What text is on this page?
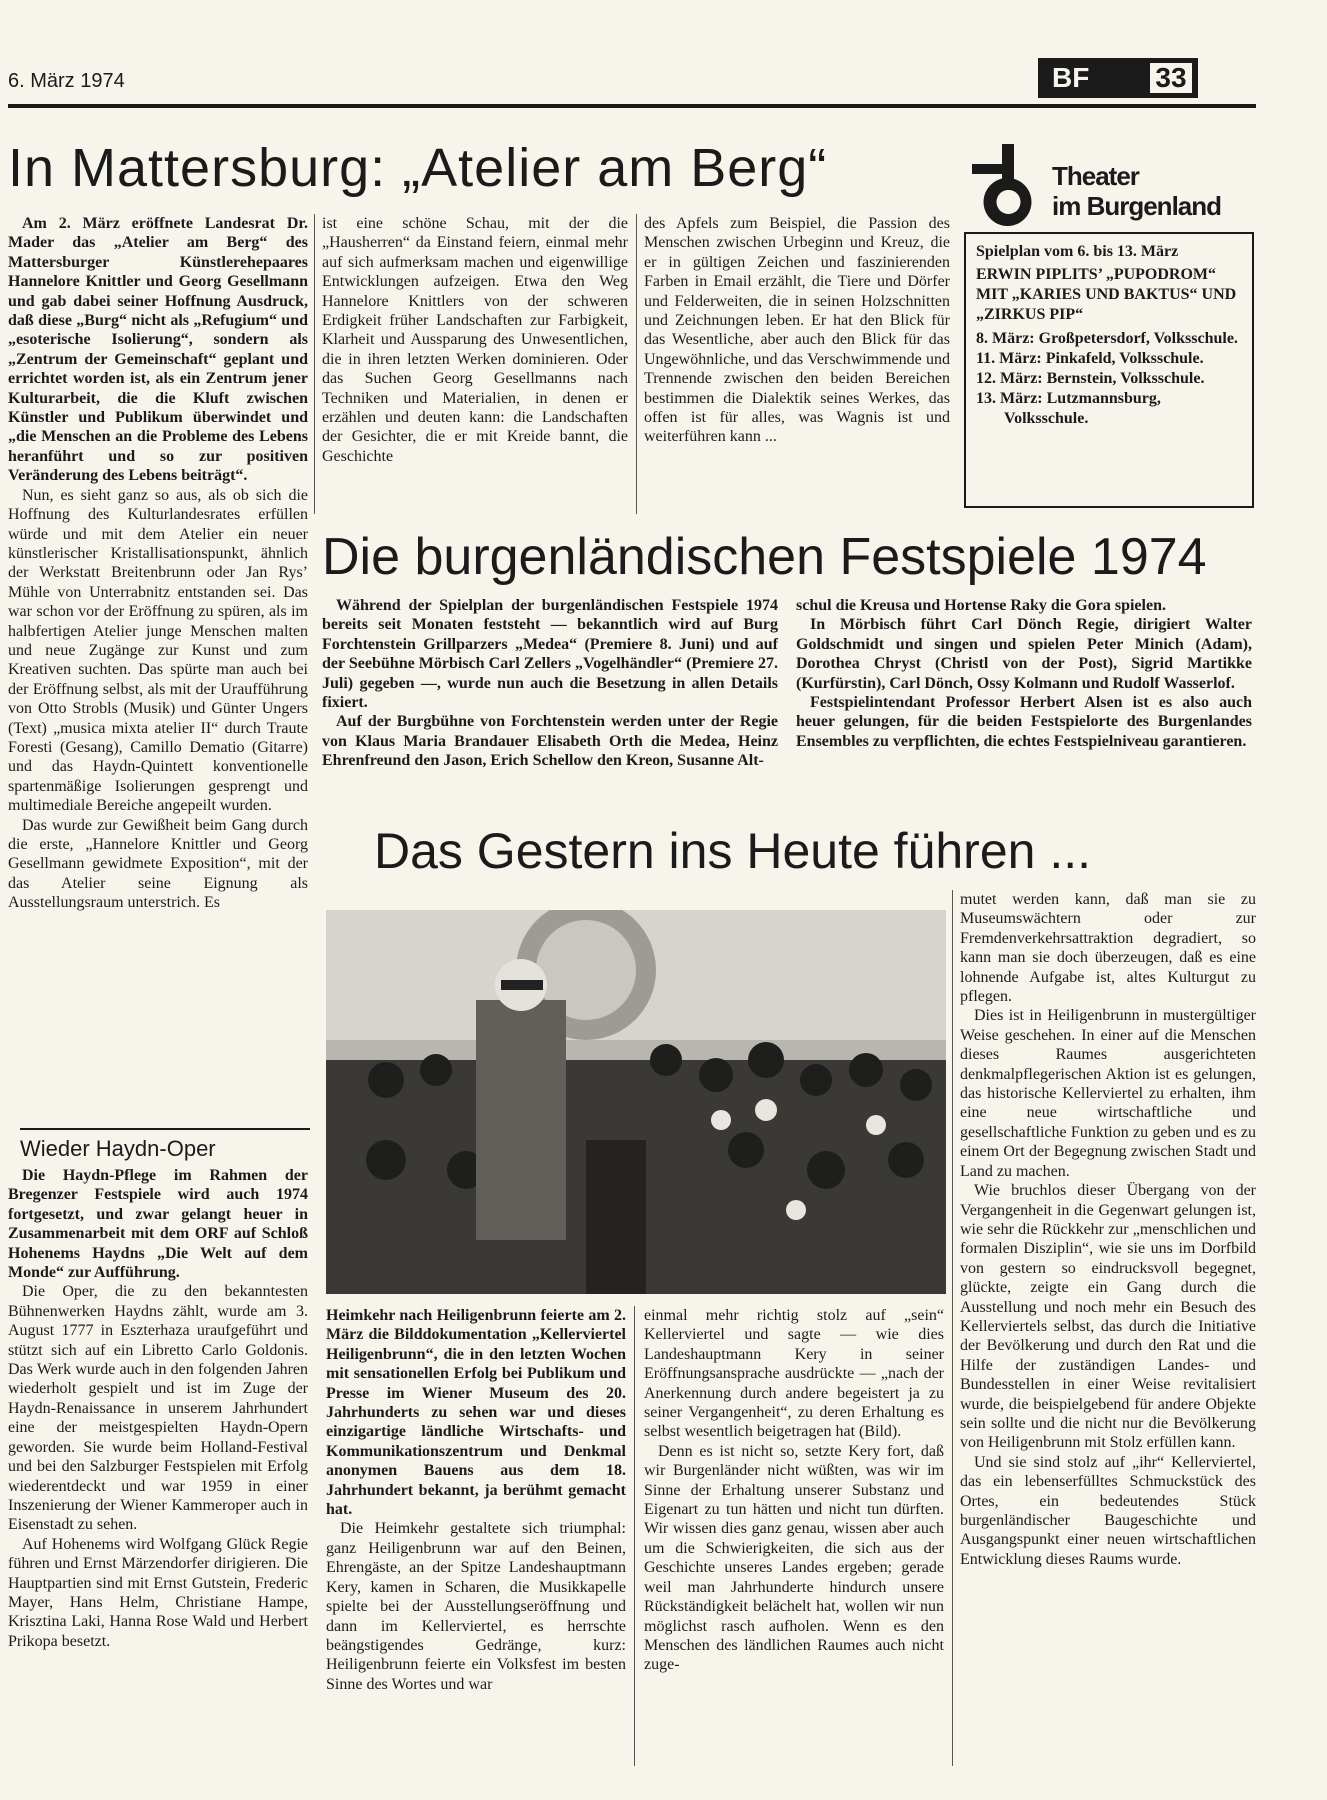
6. März 1974	BF 33
In Mattersburg: „Atelier am Berg“

Am 2. März eröffnete Landesrat Dr. Mader das „Atelier am Berg“ des Mattersburger Künstlerehepaares Hannelore Knittler und Georg Gesellmann und gab dabei seiner Hoffnung Ausdruck, daß diese „Burg“ nicht als „Refugium“ und „esoterische Isolierung“, sondern als „Zentrum der Gemeinschaft“ geplant und errichtet worden ist, als ein Zentrum jener Kulturarbeit, die die Kluft zwischen Künstler und Publikum überwindet und „die Menschen an die Probleme des Lebens heranführt und so zur positiven Veränderung des Lebens beiträgt“.

Nun, es sieht ganz so aus, als ob sich die Hoffnung des Kulturlandesrates erfüllen würde und mit dem Atelier ein neuer künstlerischer Kristallisationspunkt, ähnlich der Werkstatt Breitenbrunn oder Jan Rys’ Mühle von Unterrabnitz entstanden sei. Das war schon vor der Eröffnung zu spüren, als im halbfertigen Atelier junge Menschen malten und neue Zugänge zur Kunst und zum Kreativen suchten. Das spürte man auch bei der Eröffnung selbst, als mit der Uraufführung von Otto Strobls (Musik) und Günter Ungers (Text) „musica mixta atelier II“ durch Traute Foresti (Gesang), Camillo Dematio (Gitarre) und das Haydn-Quintett konventionelle spartenmäßige Isolierungen gesprengt und multimediale Bereiche angepeilt wurden.

Das wurde zur Gewißheit beim Gang durch die erste, „Hannelore Knittler und Georg Gesellmann gewidmete Exposition“, mit der das Atelier seine Eignung als Ausstellungsraum unterstrich. Es

ist eine schöne Schau, mit der die „Hausherren“ da Einstand feiern, einmal mehr auf sich aufmerksam machen und eigenwillige Entwicklungen aufzeigen. Etwa den Weg Hannelore Knittlers von der schweren Erdigkeit früher Landschaften zur Farbigkeit, Klarheit und Aussparung des Unwesentlichen, die in ihren letzten Werken dominieren. Oder das Suchen Georg Gesellmanns nach Techniken und Materialien, in denen er erzählen und deuten kann: die Landschaften der Gesichter, die er mit Kreide bannt, die Geschichte

des Apfels zum Beispiel, die Passion des Menschen zwischen Urbeginn und Kreuz, die er in gültigen Zeichen und faszinierenden Farben in Email erzählt, die Tiere und Dörfer und Felderweiten, die in seinen Holzschnitten und Zeichnungen leben. Er hat den Blick für das Wesentliche, aber auch den Blick für das Ungewöhnliche, und das Verschwimmende und Trennende zwischen den beiden Bereichen bestimmen die Dialektik seines Werkes, das offen ist für alles, was Wagnis ist und weiterführen kann ...

Theater
im Burgenland
Spielplan vom 6. bis 13. März
ERWIN PIPLITS’ „PUPODROM“ MIT „KARIES UND BAKTUS“ UND „ZIRKUS PIP“

8. März: Großpetersdorf, Volksschule.

11. März: Pinkafeld, Volksschule.

12. März: Bernstein, Volksschule.

13. März: Lutzmannsburg, Volksschule.

Die burgenländischen Festspiele 1974

Während der Spielplan der burgenländischen Festspiele 1974 bereits seit Monaten feststeht — bekanntlich wird auf Burg Forchtenstein Grillparzers „Medea“ (Premiere 8. Juni) und auf der Seebühne Mörbisch Carl Zellers „Vogelhändler“ (Premiere 27. Juli) gegeben —, wurde nun auch die Besetzung in allen Details fixiert.

Auf der Burgbühne von Forchtenstein werden unter der Regie von Klaus Maria Brandauer Elisabeth Orth die Medea, Heinz Ehrenfreund den Jason, Erich Schellow den Kreon, Susanne Alt-

schul die Kreusa und Hortense Raky die Gora spielen.

In Mörbisch führt Carl Dönch Regie, dirigiert Walter Goldschmidt und singen und spielen Peter Minich (Adam), Dorothea Chryst (Christl von der Post), Sigrid Martikke (Kurfürstin), Carl Dönch, Ossy Kolmann und Rudolf Wasserlof.

Festspielintendant Professor Herbert Alsen ist es also auch heuer gelungen, für die beiden Festspielorte des Burgenlandes Ensembles zu verpflichten, die echtes Festspielniveau garantieren.

Wieder Haydn-Oper

Die Haydn-Pflege im Rahmen der Bregenzer Festspiele wird auch 1974 fortgesetzt, und zwar gelangt heuer in Zusammenarbeit mit dem ORF auf Schloß Hohenems Haydns „Die Welt auf dem Monde“ zur Aufführung.

Die Oper, die zu den bekanntesten Bühnenwerken Haydns zählt, wurde am 3. August 1777 in Eszterhaza uraufgeführt und stützt sich auf ein Libretto Carlo Goldonis. Das Werk wurde auch in den folgenden Jahren wiederholt gespielt und ist im Zuge der Haydn-Renaissance in unserem Jahrhundert eine der meistgespielten Haydn-Opern geworden. Sie wurde beim Holland-Festival und bei den Salzburger Festspielen mit Erfolg wiederentdeckt und war 1959 in einer Inszenierung der Wiener Kammeroper auch in Eisenstadt zu sehen.

Auf Hohenems wird Wolfgang Glück Regie führen und Ernst Märzendorfer dirigieren. Die Hauptpartien sind mit Ernst Gutstein, Frederic Mayer, Hans Helm, Christiane Hampe, Krisztina Laki, Hanna Rose Wald und Herbert Prikopa besetzt.

Das Gestern ins Heute führen ...

Heimkehr nach Heiligenbrunn feierte am 2. März die Bilddokumentation „Kellerviertel Heiligenbrunn“, die in den letzten Wochen mit sensationellen Erfolg bei Publikum und Presse im Wiener Museum des 20. Jahrhunderts zu sehen war und dieses einzigartige ländliche Wirtschafts- und Kommunikationszentrum und Denkmal anonymen Bauens aus dem 18. Jahrhundert bekannt, ja berühmt gemacht hat.

Die Heimkehr gestaltete sich triumphal: ganz Heiligenbrunn war auf den Beinen, Ehrengäste, an der Spitze Landeshauptmann Kery, kamen in Scharen, die Musikkapelle spielte bei der Ausstellungseröffnung und dann im Kellerviertel, es herrschte beängstigendes Gedränge, kurz: Heiligenbrunn feierte ein Volksfest im besten Sinne des Wortes und war

einmal mehr richtig stolz auf „sein“ Kellerviertel und sagte — wie dies Landeshauptmann Kery in seiner Eröffnungsansprache ausdrückte — „nach der Anerkennung durch andere begeistert ja zu seiner Vergangenheit“, zu deren Erhaltung es selbst wesentlich beigetragen hat (Bild).

Denn es ist nicht so, setzte Kery fort, daß wir Burgenländer nicht wüßten, was wir im Sinne der Erhaltung unserer Substanz und Eigenart zu tun hätten und nicht tun dürften. Wir wissen dies ganz genau, wissen aber auch um die Schwierigkeiten, die sich aus der Geschichte unseres Landes ergeben; gerade weil man Jahrhunderte hindurch unsere Rückständigkeit belächelt hat, wollen wir nun möglichst rasch aufholen. Wenn es den Menschen des ländlichen Raumes auch nicht zuge-

mutet werden kann, daß man sie zu Museumswächtern oder zur Fremdenverkehrsattraktion degradiert, so kann man sie doch überzeugen, daß es eine lohnende Aufgabe ist, altes Kulturgut zu pflegen.

Dies ist in Heiligenbrunn in mustergültiger Weise geschehen. In einer auf die Menschen dieses Raumes ausgerichteten denkmalpflegerischen Aktion ist es gelungen, das historische Kellerviertel zu erhalten, ihm eine neue wirtschaftliche und gesellschaftliche Funktion zu geben und es zu einem Ort der Begegnung zwischen Stadt und Land zu machen.

Wie bruchlos dieser Übergang von der Vergangenheit in die Gegenwart gelungen ist, wie sehr die Rückkehr zur „menschlichen und formalen Disziplin“, wie sie uns im Dorfbild von gestern so eindrucksvoll begegnet, glückte, zeigte ein Gang durch die Ausstellung und noch mehr ein Besuch des Kellerviertels selbst, das durch die Initiative der Bevölkerung und durch den Rat und die Hilfe der zuständigen Landes- und Bundesstellen in einer Weise revitalisiert wurde, die beispielgebend für andere Objekte sein sollte und die nicht nur die Bevölkerung von Heiligenbrunn mit Stolz erfüllen kann.

Und sie sind stolz auf „ihr“ Kellerviertel, das ein lebenserfülltes Schmuckstück des Ortes, ein bedeutendes Stück burgenländischer Baugeschichte und Ausgangspunkt einer neuen wirtschaftlichen Entwicklung dieses Raums wurde.
